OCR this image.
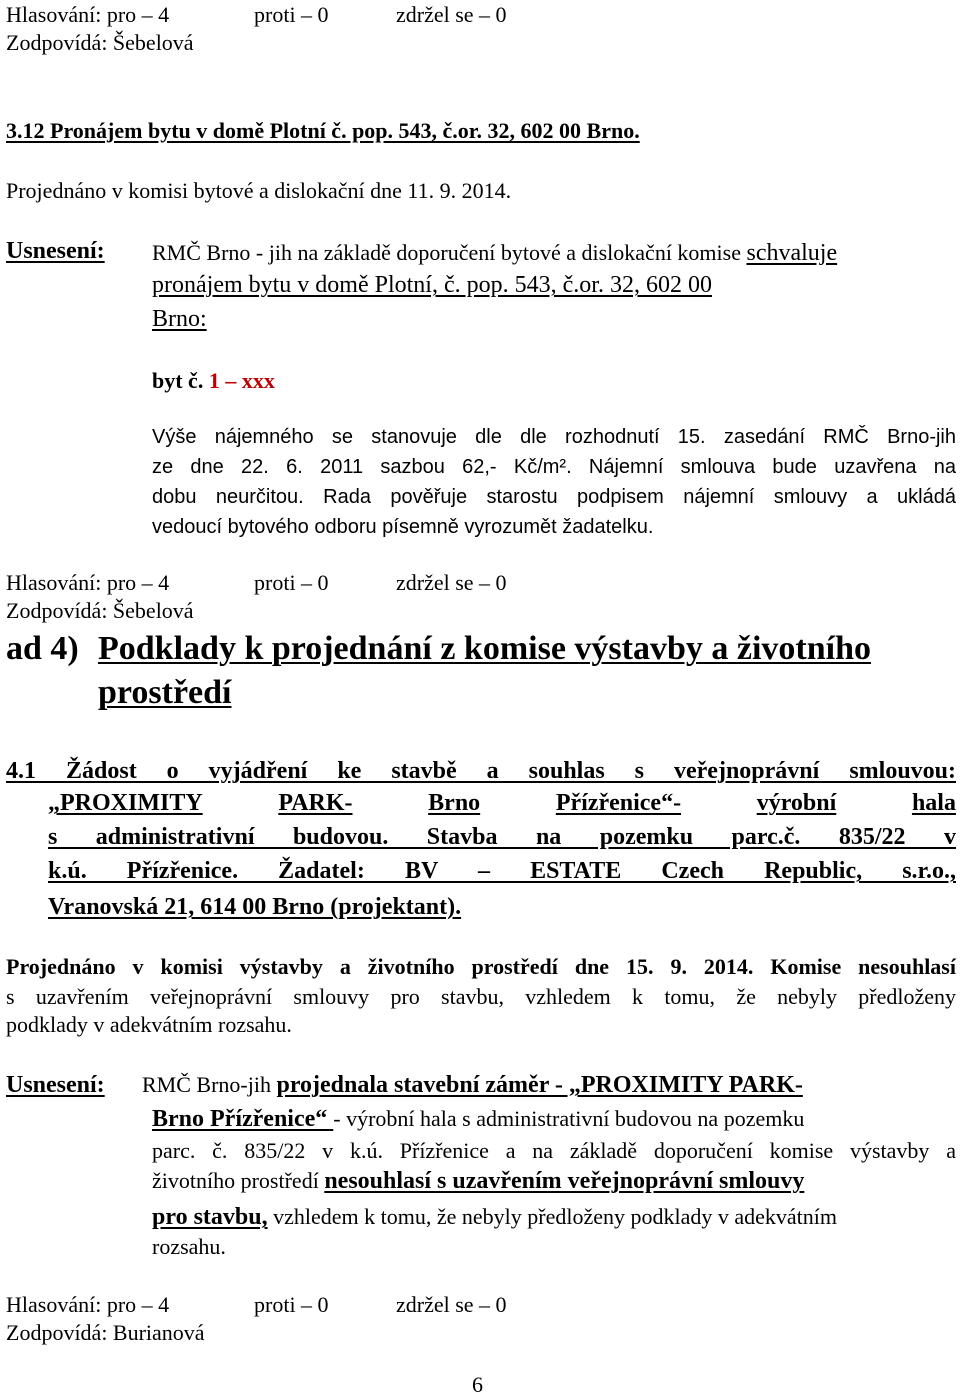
Hlasování: pro – 4	proti – 0	zdržel se – 0
Zodpovídá: Šebelová
3.12 Pronájem bytu v domě Plotní č. pop. 543, č.or. 32, 602 00 Brno.
Projednáno v komisi bytové a dislokační dne 11. 9. 2014.
Usnesení: RMČ Brno - jih na základě doporučení bytové a dislokační komise schvaluje
pronájem bytu v domě Plotní, č. pop. 543, č.or. 32, 602 00
Brno:
byt č. 1 – xxx
Výše nájemného se stanovuje dle dle rozhodnutí 15. zasedání RMČ Brno-jih
ze dne 22. 6. 2011 sazbou 62,- Kč/m². Nájemní smlouva bude uzavřena na
dobu neurčitou. Rada pověřuje starostu podpisem nájemní smlouvy a ukládá
vedoucí bytového odboru písemně vyrozumět žadatelku.
Hlasování: pro – 4	proti – 0	zdržel se – 0
Zodpovídá: Šebelová
ad 4) Podklady k projednání z komise výstavby a životního
prostředí
4.1 Žádost o vyjádření ke stavbě a souhlas s veřejnoprávní smlouvou:
„PROXIMITY	PARK-	Brno	Přízřenice“-	výrobní	hala
s administrativní budovou. Stavba na pozemku parc.č. 835/22 v
k.ú. Přízřenice. Žadatel: BV – ESTATE Czech Republic, s.r.o.,
Vranovská 21, 614 00 Brno (projektant).
Projednáno v komisi výstavby a životního prostředí dne 15. 9. 2014. Komise nesouhlasí
s uzavřením veřejnoprávní smlouvy pro stavbu, vzhledem k tomu, že nebyly předloženy
podklady v adekvátním rozsahu.
Usnesení: RMČ Brno-jih projednala stavební záměr - „PROXIMITY PARK-
Brno Přízřenice“ - výrobní hala s administrativní budovou na pozemku
parc. č. 835/22 v k.ú. Přízřenice a na základě doporučení komise výstavby a
životního prostředí nesouhlasí s uzavřením veřejnoprávní smlouvy
pro stavbu, vzhledem k tomu, že nebyly předloženy podklady v adekvátním
rozsahu.
Hlasování: pro – 4	proti – 0	zdržel se – 0
Zodpovídá: Burianová
6
